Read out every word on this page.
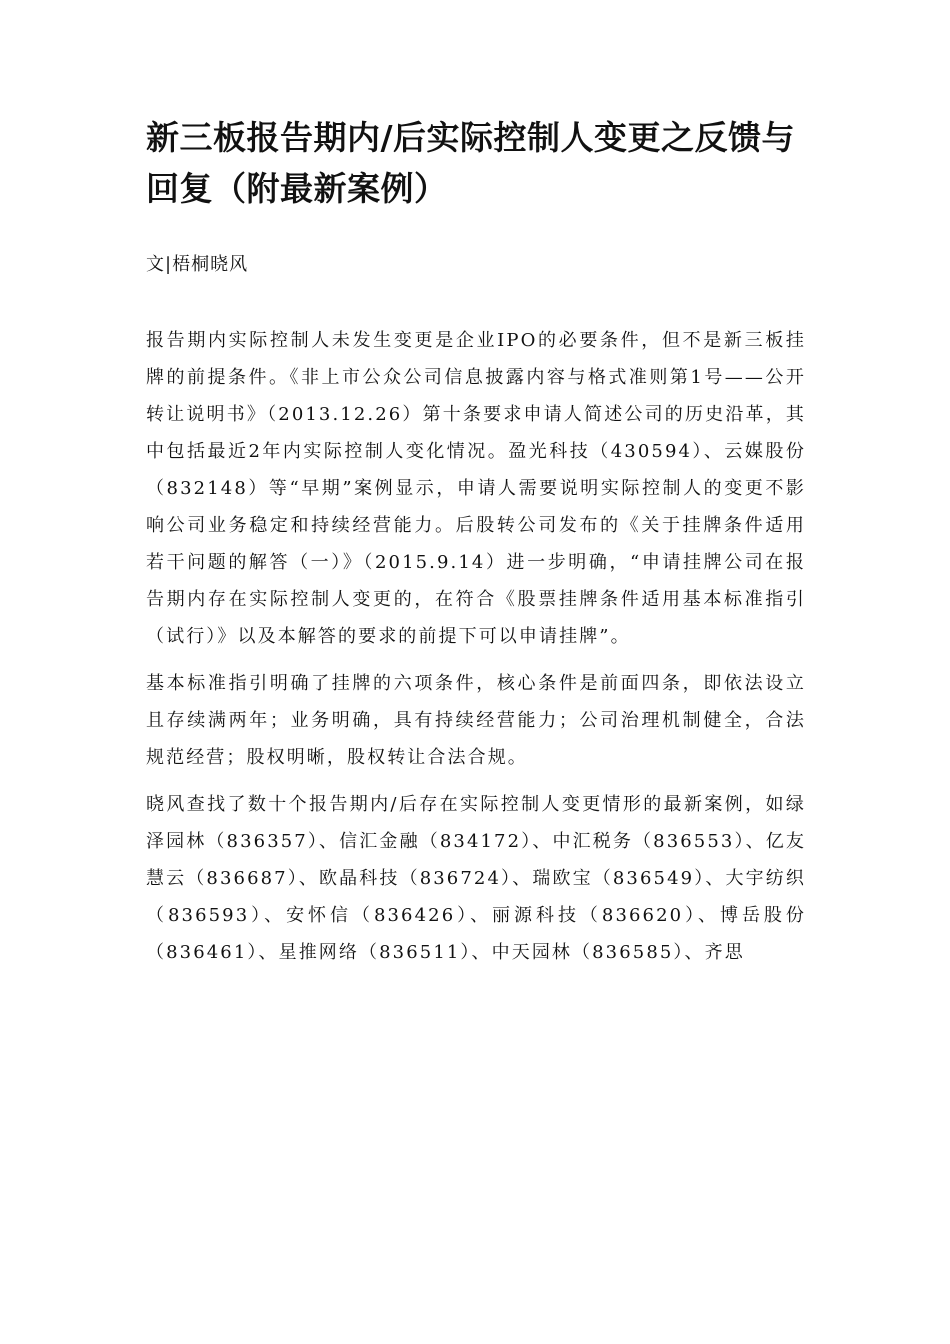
新三板报告期内/后实际控制人变更之反馈与回复（附最新案例）
文|梧桐晓风

报告期内实际控制人未发生变更是企业IPO的必要条件，但不是新三板挂牌的前提条件。《非上市公众公司信息披露内容与格式准则第1号——公开转让说明书》（2013.12.26）第十条要求申请人简述公司的历史沿革，其中包括最近2年内实际控制人变化情况。盈光科技（430594）、云媒股份（832148）等“早期”案例显示，申请人需要说明实际控制人的变更不影响公司业务稳定和持续经营能力。后股转公司发布的《关于挂牌条件适用若干问题的解答（一）》（2015.9.14）进一步明确，“申请挂牌公司在报告期内存在实际控制人变更的，在符合《股票挂牌条件适用基本标准指引（试行）》以及本解答的要求的前提下可以申请挂牌”。

基本标准指引明确了挂牌的六项条件，核心条件是前面四条，即依法设立且存续满两年；业务明确，具有持续经营能力；公司治理机制健全，合法规范经营；股权明晰，股权转让合法合规。

晓风查找了数十个报告期内/后存在实际控制人变更情形的最新案例，如绿泽园林（836357）、信汇金融（834172）、中汇税务（836553）、亿友慧云（836687）、欧晶科技（836724）、瑞欧宝（836549）、大宇纺织（836593）、安怀信（836426）、丽源科技（836620）、博岳股份（836461）、星推网络（836511）、中天园林（836585）、齐思
